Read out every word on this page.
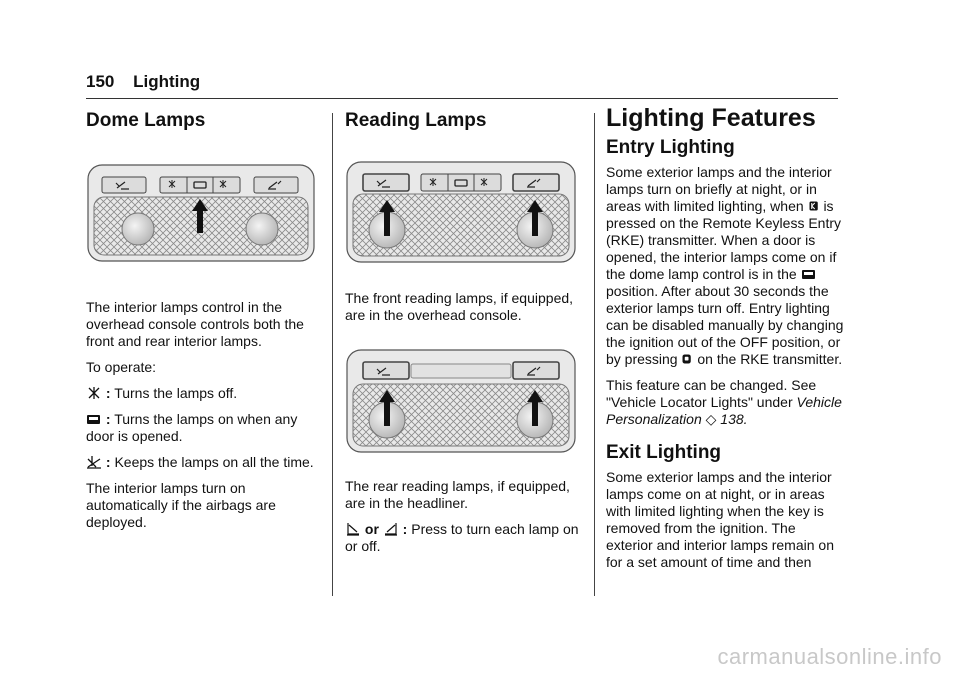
150 Lighting
Dome Lamps

The interior lamps control in the overhead console controls both the front and rear interior lamps.

To operate:

: Turns the lamps off.

: Turns the lamps on when any door is opened.

: Keeps the lamps on all the time.

The interior lamps turn on automatically if the airbags are deployed.

Reading Lamps

The front reading lamps, if equipped, are in the overhead console.

The rear reading lamps, if equipped, are in the headliner.

or : Press to turn each lamp on or off.

Lighting Features
Entry Lighting

Some exterior lamps and the interior lamps turn on briefly at night, or in areas with limited lighting, when is pressed on the Remote Keyless Entry (RKE) transmitter. When a door is opened, the interior lamps come on if the dome lamp control is in the  position. After about 30 seconds the exterior lamps turn off. Entry lighting can be disabled manually by changing the ignition out of the OFF position, or by pressing on the RKE transmitter.

This feature can be changed. See "Vehicle Locator Lights" under Vehicle Personalization ◇ 138.

Exit Lighting

Some exterior lamps and the interior lamps come on at night, or in areas with limited lighting when the key is removed from the ignition. The exterior and interior lamps remain on for a set amount of time and then

carmanualsonline.info
